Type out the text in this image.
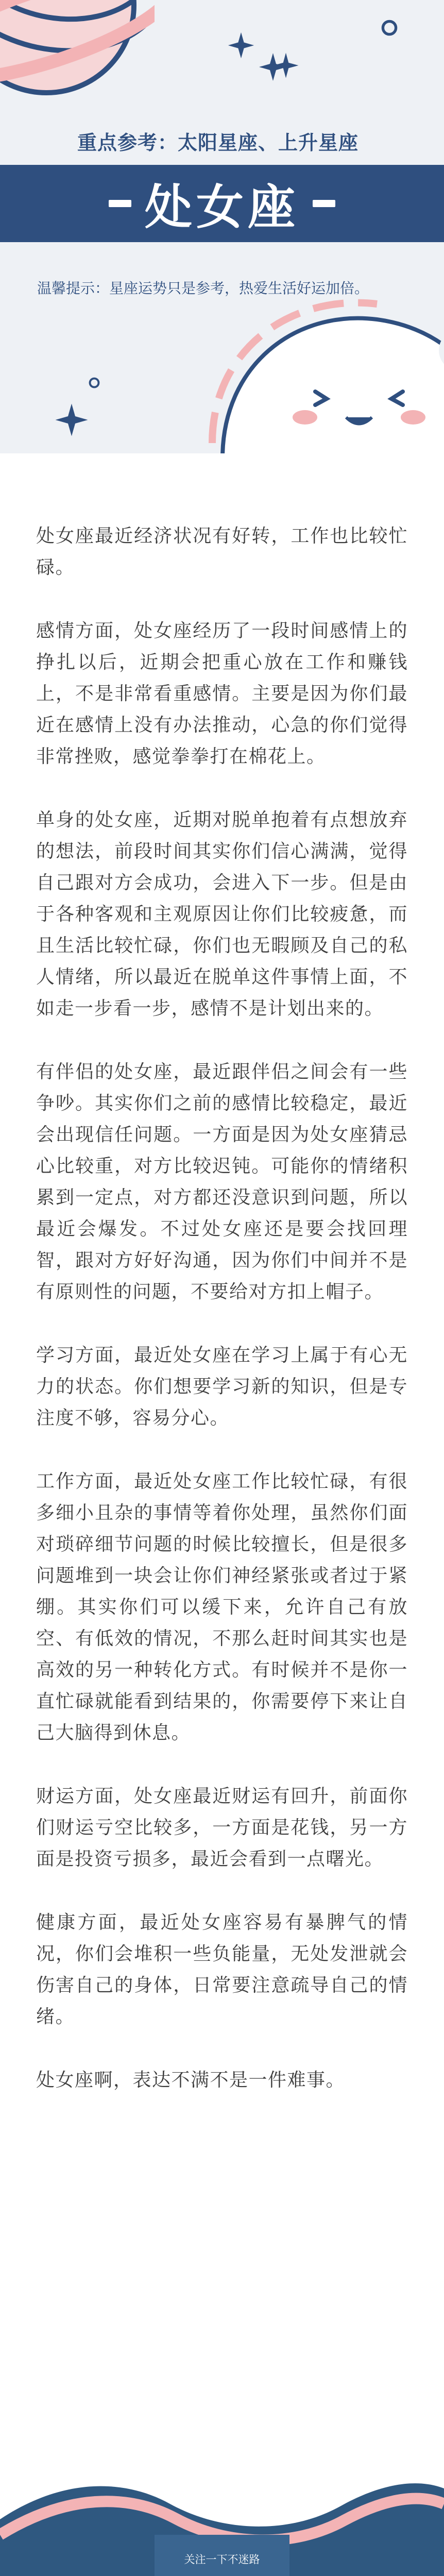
重点参考：太阳星座、上升星座
处女座
温馨提示：星座运势只是参考，热爱生活好运加倍。

处女座最近经济状况有好转，工作也比较忙碌。

感情方面，处女座经历了一段时间感情上的挣扎以后，近期会把重心放在工作和赚钱上，不是非常看重感情。主要是因为你们最近在感情上没有办法推动，心急的你们觉得非常挫败，感觉拳拳打在棉花上。

单身的处女座，近期对脱单抱着有点想放弃的想法，前段时间其实你们信心满满，觉得自己跟对方会成功，会进入下一步。但是由于各种客观和主观原因让你们比较疲惫，而且生活比较忙碌，你们也无暇顾及自己的私人情绪，所以最近在脱单这件事情上面，不如走一步看一步，感情不是计划出来的。

有伴侣的处女座，最近跟伴侣之间会有一些争吵。其实你们之前的感情比较稳定，最近会出现信任问题。一方面是因为处女座猜忌心比较重，对方比较迟钝。可能你的情绪积累到一定点，对方都还没意识到问题，所以最近会爆发。不过处女座还是要会找回理智，跟对方好好沟通，因为你们中间并不是有原则性的问题，不要给对方扣上帽子。

学习方面，最近处女座在学习上属于有心无力的状态。你们想要学习新的知识，但是专注度不够，容易分心。

工作方面，最近处女座工作比较忙碌，有很多细小且杂的事情等着你处理，虽然你们面对琐碎细节问题的时候比较擅长，但是很多问题堆到一块会让你们神经紧张或者过于紧绷。其实你们可以缓下来，允许自己有放空、有低效的情况，不那么赶时间其实也是高效的另一种转化方式。有时候并不是你一直忙碌就能看到结果的，你需要停下来让自己大脑得到休息。

财运方面，处女座最近财运有回升，前面你们财运亏空比较多，一方面是花钱，另一方面是投资亏损多，最近会看到一点曙光。

健康方面，最近处女座容易有暴脾气的情况，你们会堆积一些负能量，无处发泄就会伤害自己的身体，日常要注意疏导自己的情绪。

处女座啊，表达不满不是一件难事。

关注一下不迷路
